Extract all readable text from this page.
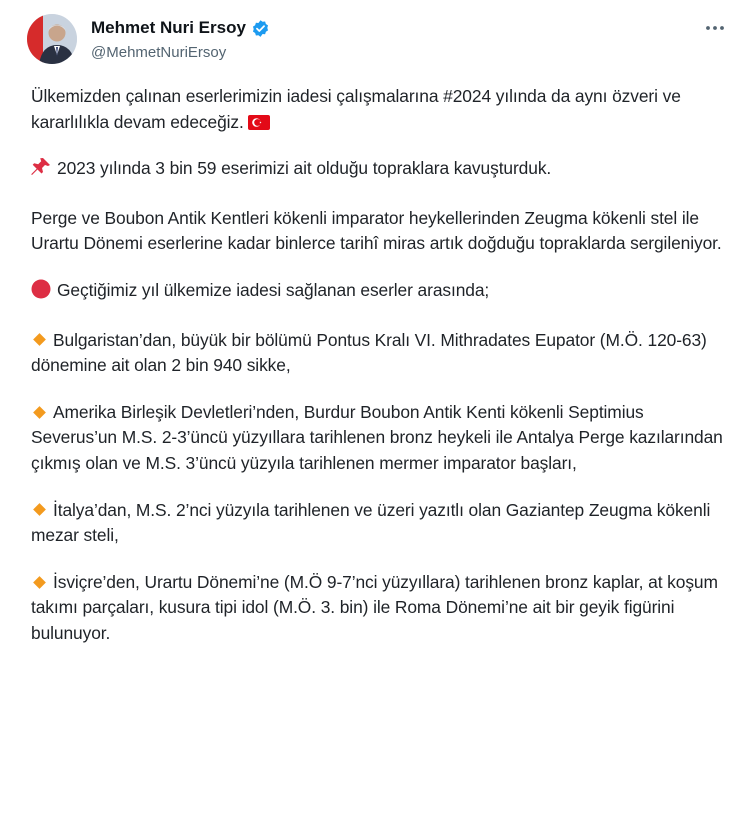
Mehmet Nuri Ersoy
@MehmetNuriErsoy

Ülkemizden çalınan eserlerimizin iadesi çalışmalarına #2024 yılında da aynı özveri ve kararlılıkla devam edeceğiz.

2023 yılında 3 bin 59 eserimizi ait olduğu topraklara kavuşturduk.

Perge ve Boubon Antik Kentleri kökenli imparator heykellerinden Zeugma kökenli stel ile Urartu Dönemi eserlerine kadar binlerce tarihî miras artık doğduğu topraklarda sergileniyor.

Geçtiğimiz yıl ülkemize iadesi sağlanan eserler arasında;

Bulgaristan’dan, büyük bir bölümü Pontus Kralı VI. Mithradates Eupator (M.Ö. 120-63) dönemine ait olan 2 bin 940 sikke,

Amerika Birleşik Devletleri’nden, Burdur Boubon Antik Kenti kökenli Septimius Severus’un M.S. 2-3’üncü yüzyıllara tarihlenen bronz heykeli ile Antalya Perge kazılarından çıkmış olan ve M.S. 3’üncü yüzyıla tarihlenen mermer imparator başları,

İtalya’dan, M.S. 2’nci yüzyıla tarihlenen ve üzeri yazıtlı olan Gaziantep Zeugma kökenli mezar steli,

İsviçre’den, Urartu Dönemi’ne (M.Ö 9-7’nci yüzyıllara) tarihlenen bronz kaplar, at koşum takımı parçaları, kusura tipi idol (M.Ö. 3. bin) ile Roma Dönemi’ne ait bir geyik figürini bulunuyor.
